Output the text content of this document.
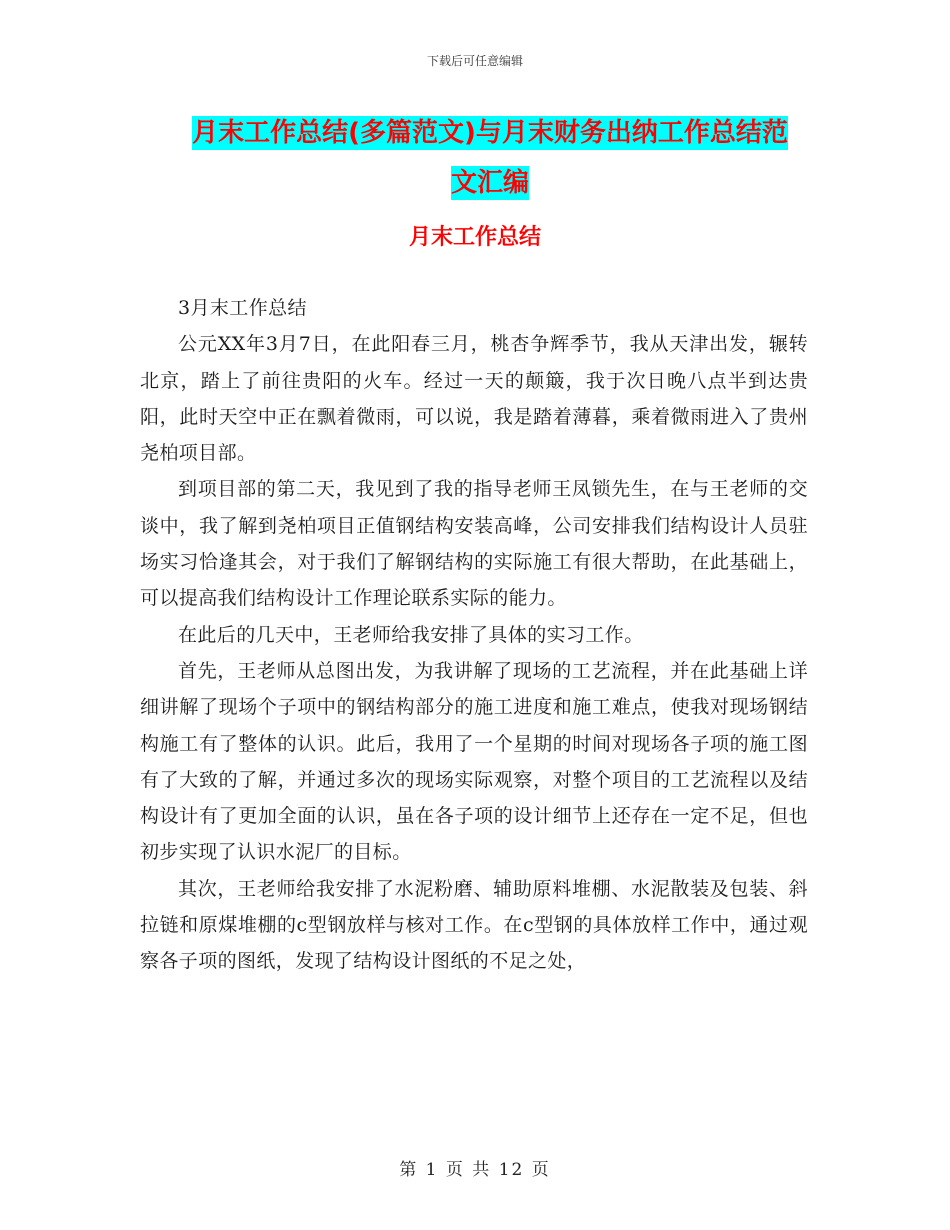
下载后可任意编辑
月末工作总结(多篇范文)与月末财务出纳工作总结范
文汇编
月末工作总结

3月末工作总结

公元XX年3月7日，在此阳春三月，桃杏争辉季节，我从天津出发，辗转北京，踏上了前往贵阳的火车。经过一天的颠簸，我于次日晚八点半到达贵阳，此时天空中正在飘着微雨，可以说，我是踏着薄暮，乘着微雨进入了贵州尧柏项目部。

到项目部的第二天，我见到了我的指导老师王凤锁先生，在与王老师的交谈中，我了解到尧柏项目正值钢结构安装高峰，公司安排我们结构设计人员驻场实习恰逢其会，对于我们了解钢结构的实际施工有很大帮助，在此基础上，可以提高我们结构设计工作理论联系实际的能力。

在此后的几天中，王老师给我安排了具体的实习工作。

首先，王老师从总图出发，为我讲解了现场的工艺流程，并在此基础上详细讲解了现场个子项中的钢结构部分的施工进度和施工难点，使我对现场钢结构施工有了整体的认识。此后，我用了一个星期的时间对现场各子项的施工图有了大致的了解，并通过多次的现场实际观察，对整个项目的工艺流程以及结构设计有了更加全面的认识，虽在各子项的设计细节上还存在一定不足，但也初步实现了认识水泥厂的目标。

其次，王老师给我安排了水泥粉磨、辅助原料堆棚、水泥散装及包装、斜拉链和原煤堆棚的c型钢放样与核对工作。在c型钢的具体放样工作中，通过观察各子项的图纸，发现了结构设计图纸的不足之处，

第 1 页 共 12 页
